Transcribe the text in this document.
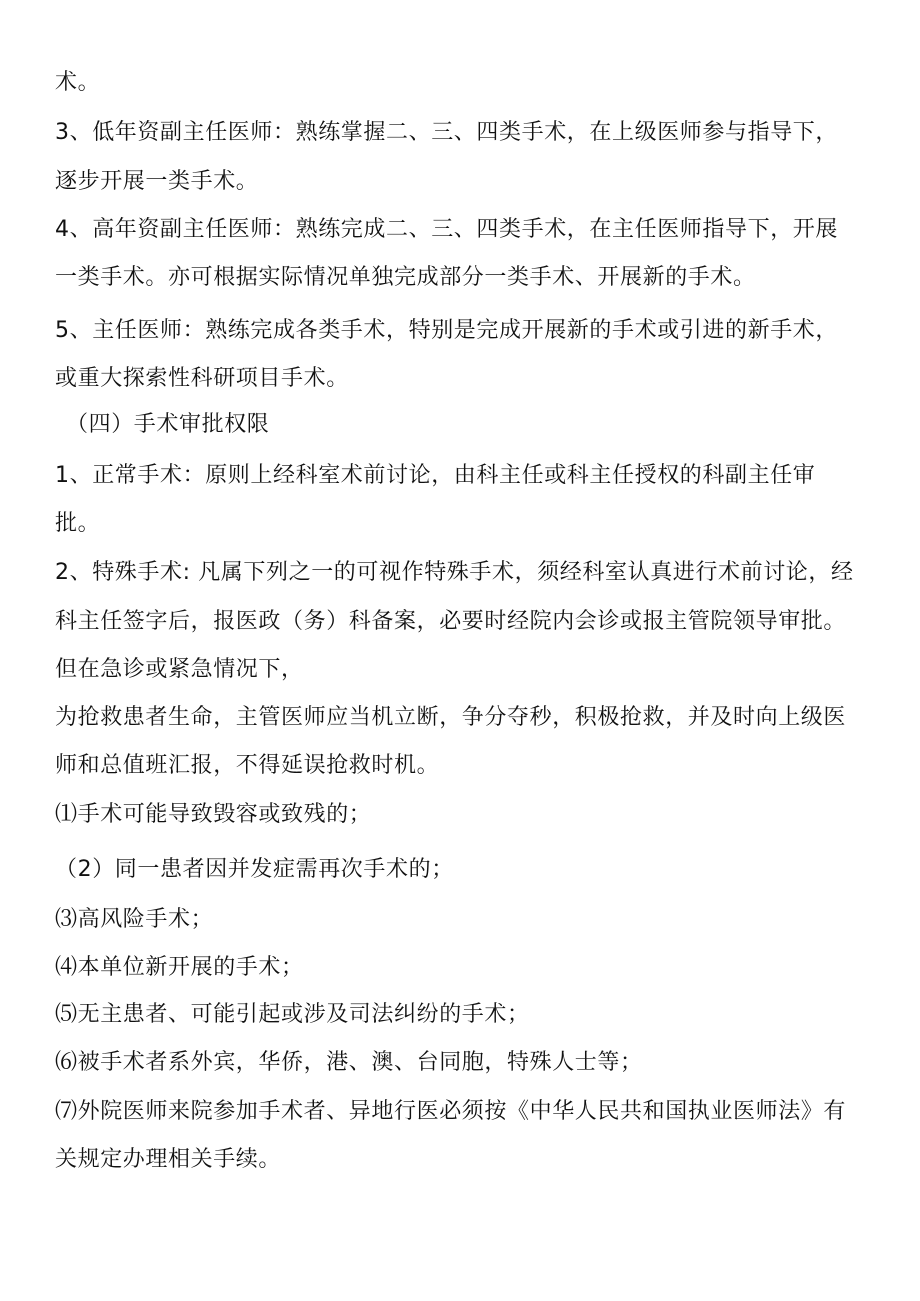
术。
3、低年资副主任医师：熟练掌握二、三、四类手术，在上级医师参与指导下，
逐步开展一类手术。
4、高年资副主任医师：熟练完成二、三、四类手术，在主任医师指导下，开展
一类手术。亦可根据实际情况单独完成部分一类手术、开展新的手术。
5、主任医师：熟练完成各类手术，特别是完成开展新的手术或引进的新手术，
或重大探索性科研项目手术。
（四）手术审批权限
1、正常手术：原则上经科室术前讨论，由科主任或科主任授权的科副主任审
批。
2、特殊手术: 凡属下列之一的可视作特殊手术，须经科室认真进行术前讨论，经
科主任签字后，报医政（务）科备案，必要时经院内会诊或报主管院领导审批。
但在急诊或紧急情况下，
为抢救患者生命，主管医师应当机立断，争分夺秒，积极抢救，并及时向上级医
师和总值班汇报，不得延误抢救时机。
⑴手术可能导致毁容或致残的；
（2）同一患者因并发症需再次手术的；
⑶高风险手术；
⑷本单位新开展的手术；
⑸无主患者、可能引起或涉及司法纠纷的手术；
⑹被手术者系外宾，华侨，港、澳、台同胞，特殊人士等；
⑺外院医师来院参加手术者、异地行医必须按《中华人民共和国执业医师法》有
关规定办理相关手续。
